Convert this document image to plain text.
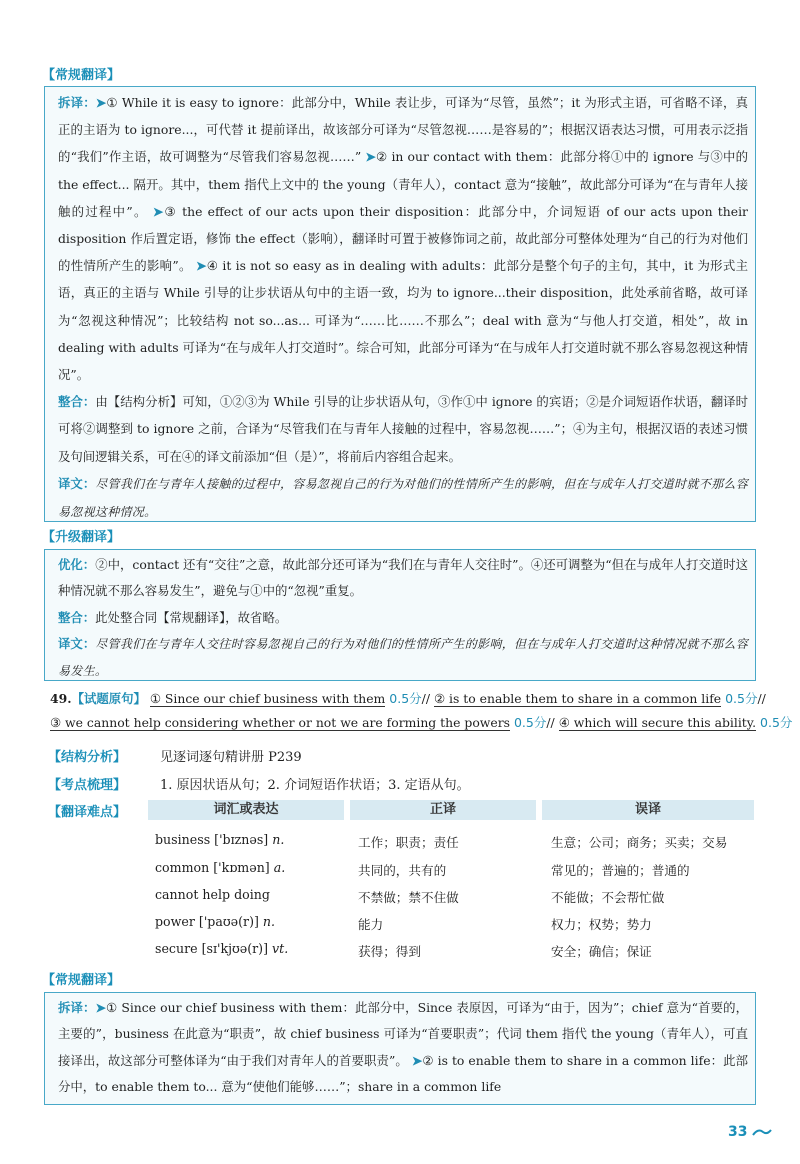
【常规翻译】
拆译：➤① While it is easy to ignore：此部分中，While 表让步，可译为“尽管，虽然”；it 为形式主语，可省略不译，真正的主语为 to ignore...，可代替 it 提前译出，故该部分可译为“尽管忽视……是容易的”；根据汉语表达习惯，可用表示泛指的“我们”作主语，故可调整为“尽管我们容易忽视……” ➤② in our contact with them：此部分将①中的 ignore 与③中的 the effect... 隔开。其中，them 指代上文中的 the young（青年人），contact 意为“接触”，故此部分可译为“在与青年人接触的过程中”。 ➤③ the effect of our acts upon their disposition：此部分中，介词短语 of our acts upon their disposition 作后置定语，修饰 the effect（影响），翻译时可置于被修饰词之前，故此部分可整体处理为“自己的行为对他们的性情所产生的影响”。 ➤④ it is not so easy as in dealing with adults：此部分是整个句子的主句，其中，it 为形式主语，真正的主语与 While 引导的让步状语从句中的主语一致，均为 to ignore...their disposition，此处承前省略，故可译为“忽视这种情况”；比较结构 not so...as... 可译为“……比……不那么”；deal with 意为“与他人打交道，相处”，故 in dealing with adults 可译为“在与成年人打交道时”。综合可知，此部分可译为“在与成年人打交道时就不那么容易忽视这种情况”。
整合：由【结构分析】可知，①②③为 While 引导的让步状语从句，③作①中 ignore 的宾语；②是介词短语作状语，翻译时可将②调整到 to ignore 之前，合译为“尽管我们在与青年人接触的过程中，容易忽视……”；④为主句，根据汉语的表述习惯及句间逻辑关系，可在④的译文前添加“但（是）”，将前后内容组合起来。
译文：尽管我们在与青年人接触的过程中，容易忽视自己的行为对他们的性情所产生的影响，但在与成年人打交道时就不那么容易忽视这种情况。
【升级翻译】
优化：②中，contact 还有“交往”之意，故此部分还可译为“我们在与青年人交往时”。④还可调整为“但在与成年人打交道时这种情况就不那么容易发生”，避免与①中的“忽视”重复。
整合：此处整合同【常规翻译】，故省略。
译文：尽管我们在与青年人交往时容易忽视自己的行为对他们的性情所产生的影响，但在与成年人打交道时这种情况就不那么容易发生。
49.【试题原句】 ① Since our chief business with them 0.5分// ② is to enable them to share in a common life 0.5分//
③ we cannot help considering whether or not we are forming the powers 0.5分// ④ which will secure this ability. 0.5分
【结构分析】	见逐词逐句精讲册 P239
【考点梳理】	1. 原因状语从句；2. 介词短语作状语；3. 定语从句。
【翻译难点】	词汇或表达	正译	误译
business ['bɪznəs] n.	工作；职责；责任	生意；公司；商务；买卖；交易
common ['kɒmən] a.	共同的，共有的	常见的；普遍的；普通的
cannot help doing	不禁做；禁不住做	不能做；不会帮忙做
power ['paʊə(r)] n.	能力	权力；权势；势力
secure [sɪ'kjʊə(r)] vt.	获得；得到	安全；确信；保证
【常规翻译】
拆译：➤① Since our chief business with them：此部分中，Since 表原因，可译为“由于，因为”；chief 意为“首要的，主要的”，business 在此意为“职责”，故 chief business 可译为“首要职责”；代词 them 指代 the young（青年人），可直接译出，故这部分可整体译为“由于我们对青年人的首要职责”。 ➤② is to enable them to share in a common life：此部分中，to enable them to... 意为“使他们能够……”；share in a common life
33
